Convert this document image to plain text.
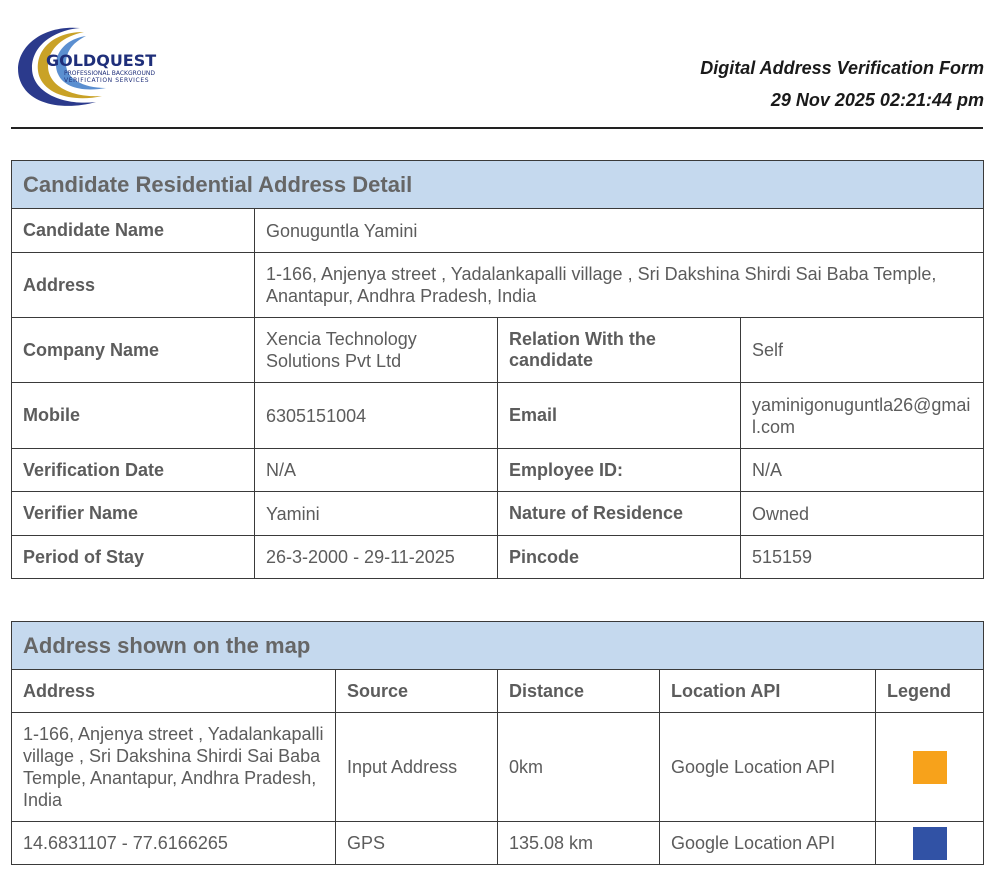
GOLDQUEST
PROFESSIONAL BACKGROUND
VERIFICATION SERVICES
Digital Address Verification Form
29 Nov 2025 02:21:44 pm
Candidate Residential Address Detail			
Candidate Name	Gonuguntla Yamini		
Address	1-166, Anjenya street , Yadalankapalli village , Sri Dakshina Shirdi Sai Baba Temple, Anantapur, Andhra Pradesh, India		
Company Name	Xencia Technology Solutions Pvt Ltd	Relation With the candidate	Self
Mobile	6305151004	Email	yaminigonuguntla26@gmail.com
Verification Date	N/A	Employee ID:	N/A
Verifier Name	Yamini	Nature of Residence	Owned
Period of Stay	26-3-2000 - 29-11-2025	Pincode	515159
Address shown on the map				
Address	Source	Distance	Location API	Legend
1-166, Anjenya street , Yadalankapalli village , Sri Dakshina Shirdi Sai Baba Temple, Anantapur, Andhra Pradesh, India	Input Address	0km	Google Location API	

14.6831107 - 77.6166265	GPS	135.08 km	Google Location API	
